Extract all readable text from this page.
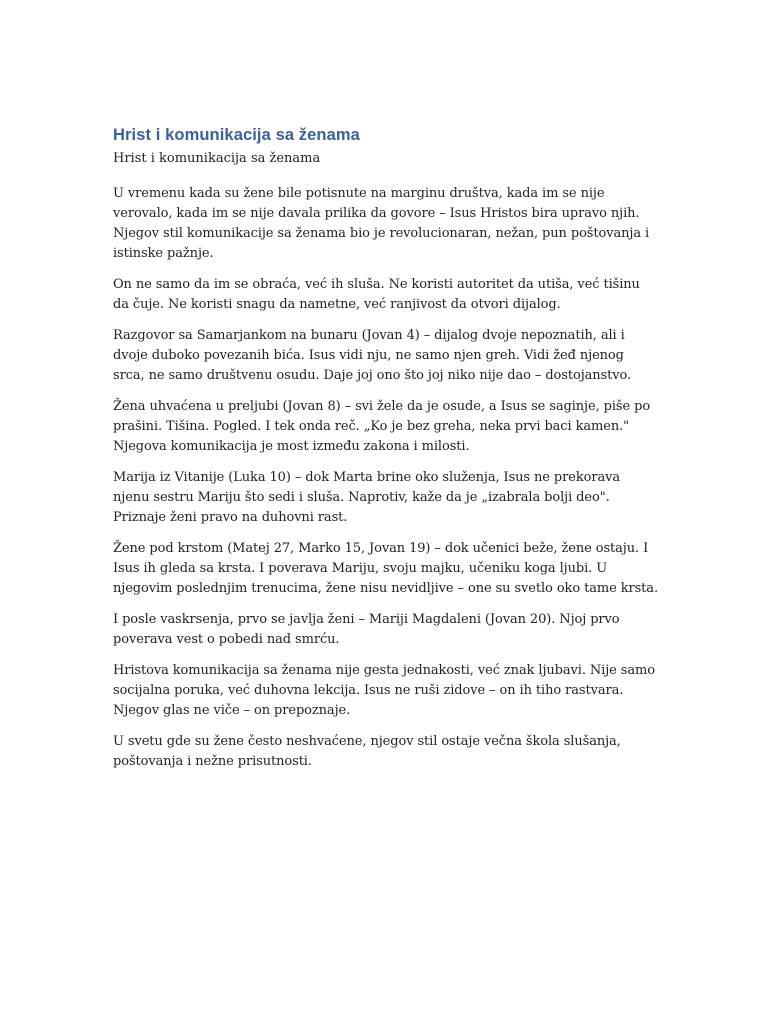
Hrist i komunikacija sa ženama

Hrist i komunikacija sa ženama

U vremenu kada su žene bile potisnute na marginu društva, kada im se nije verovalo, kada im se nije davala prilika da govore – Isus Hristos bira upravo njih. Njegov stil komunikacije sa ženama bio je revolucionaran, nežan, pun poštovanja i istinske pažnje.

On ne samo da im se obraća, već ih sluša. Ne koristi autoritet da utiša, već tišinu da čuje. Ne koristi snagu da nametne, već ranjivost da otvori dijalog.

Razgovor sa Samarjankom na bunaru (Jovan 4) – dijalog dvoje nepoznatih, ali i dvoje duboko povezanih bića. Isus vidi nju, ne samo njen greh. Vidi žeđ njenog srca, ne samo društvenu osudu. Daje joj ono što joj niko nije dao – dostojanstvo.

Žena uhvaćena u preljubi (Jovan 8) – svi žele da je osude, a Isus se saginje, piše po prašini. Tišina. Pogled. I tek onda reč. „Ko je bez greha, neka prvi baci kamen." Njegova komunikacija je most između zakona i milosti.

Marija iz Vitanije (Luka 10) – dok Marta brine oko služenja, Isus ne prekorava njenu sestru Mariju što sedi i sluša. Naprotiv, kaže da je „izabrala bolji deo". Priznaje ženi pravo na duhovni rast.

Žene pod krstom (Matej 27, Marko 15, Jovan 19) – dok učenici beže, žene ostaju. I Isus ih gleda sa krsta. I poverava Mariju, svoju majku, učeniku koga ljubi. U njegovim poslednjim trenucima, žene nisu nevidljive – one su svetlo oko tame krsta.

I posle vaskrsenja, prvo se javlja ženi – Mariji Magdaleni (Jovan 20). Njoj prvo poverava vest o pobedi nad smrću.

Hristova komunikacija sa ženama nije gesta jednakosti, već znak ljubavi. Nije samo socijalna poruka, već duhovna lekcija. Isus ne ruši zidove – on ih tiho rastvara. Njegov glas ne viče – on prepoznaje.

U svetu gde su žene često neshvaćene, njegov stil ostaje večna škola slušanja, poštovanja i nežne prisutnosti.
